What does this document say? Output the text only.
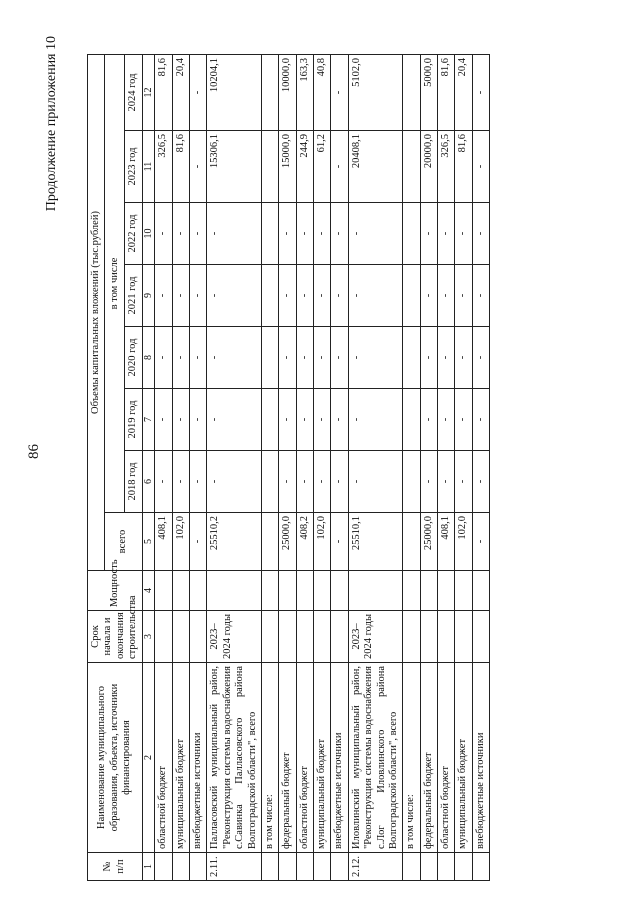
86
Продолжение приложения 10
№ п/п	Наименование муниципального образования, объекта, источники финансирования	Срок начала и окончания строительства	Мощность	Объемы капитальных вложений (тыс.рублей)							
				всего	в том числе						
					2018 год	2019 год	2020 год	2021 год	2022 год	2023 год	2024 год
1	2	3	4	5	6	7	8	9	10	11	12
	областной бюджет			408,1	-	-	-	-	-	326,5	81,6
	муниципальный бюджет			102,0	-	-	-	-	-	81,6	20,4
	внебюджетные источники			-	-	-	-	-	-	-	-
2.11.	Палласовский муниципальный район, "Реконструкция системы водоснабжения с.Савинка Палласовского района Волгоградской области", всего	2023–2024 годы		25510,2	-	-	-	-	-	15306,1	10204,1
	в том числе:										
	федеральный бюджет			25000,0	-	-	-	-	-	15000,0	10000,0
	областной бюджет			408,2	-	-	-	-	-	244,9	163,3
	муниципальный бюджет			102,0	-	-	-	-	-	61,2	40,8
	внебюджетные источники			-	-	-	-	-	-	-	-
2.12.	Иловлинский муниципальный район, "Реконструкция системы водоснабжения с.Лог Иловлинского района Волгоградской области", всего	2023–2024 годы		25510,1	-	-	-	-	-	20408,1	5102,0
	в том числе:										
	федеральный бюджет			25000,0	-	-	-	-	-	20000,0	5000,0
	областной бюджет			408,1	-	-	-	-	-	326,5	81,6
	муниципальный бюджет			102,0	-	-	-	-	-	81,6	20,4
	внебюджетные источники			-	-	-	-	-	-	-	-
